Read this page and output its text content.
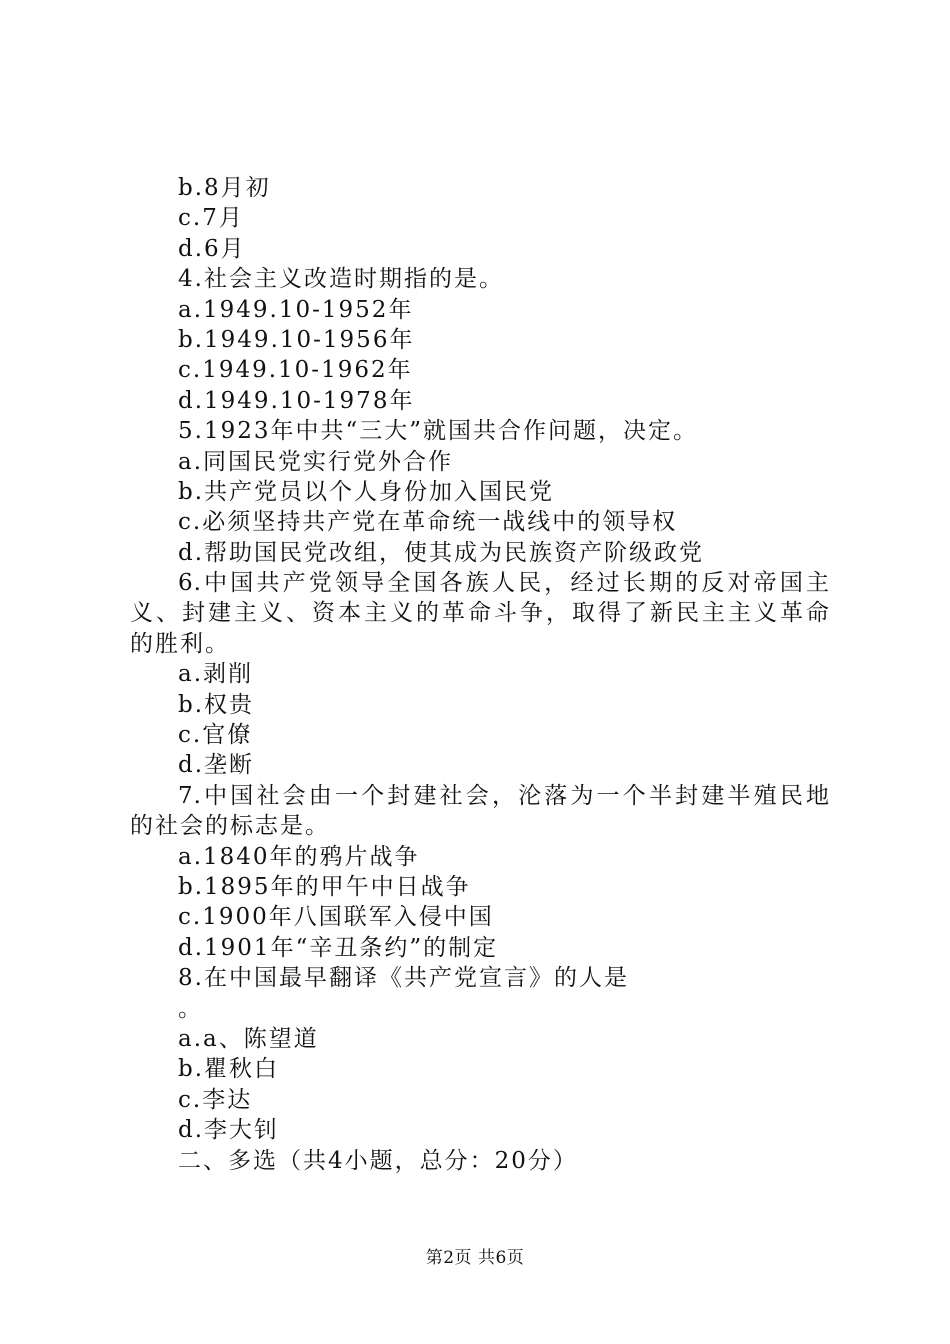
b.8月初
c.7月
d.6月
4.社会主义改造时期指的是。
a.1949.10-1952年
b.1949.10-1956年
c.1949.10-1962年
d.1949.10-1978年
5.1923年中共“三大”就国共合作问题，决定。
a.同国民党实行党外合作
b.共产党员以个人身份加入国民党
c.必须坚持共产党在革命统一战线中的领导权
d.帮助国民党改组，使其成为民族资产阶级政党
6.中国共产党领导全国各族人民，经过长期的反对帝国主
义、封建主义、资本主义的革命斗争，取得了新民主主义革命
的胜利。
a.剥削
b.权贵
c.官僚
d.垄断
7.中国社会由一个封建社会，沦落为一个半封建半殖民地
的社会的标志是。
a.1840年的鸦片战争
b.1895年的甲午中日战争
c.1900年八国联军入侵中国
d.1901年“辛丑条约”的制定
8.在中国最早翻译《共产党宣言》的人是
。
a.a、陈望道
b.瞿秋白
c.李达
d.李大钊
二、多选（共4小题，总分：20分）
第2页 共6页
